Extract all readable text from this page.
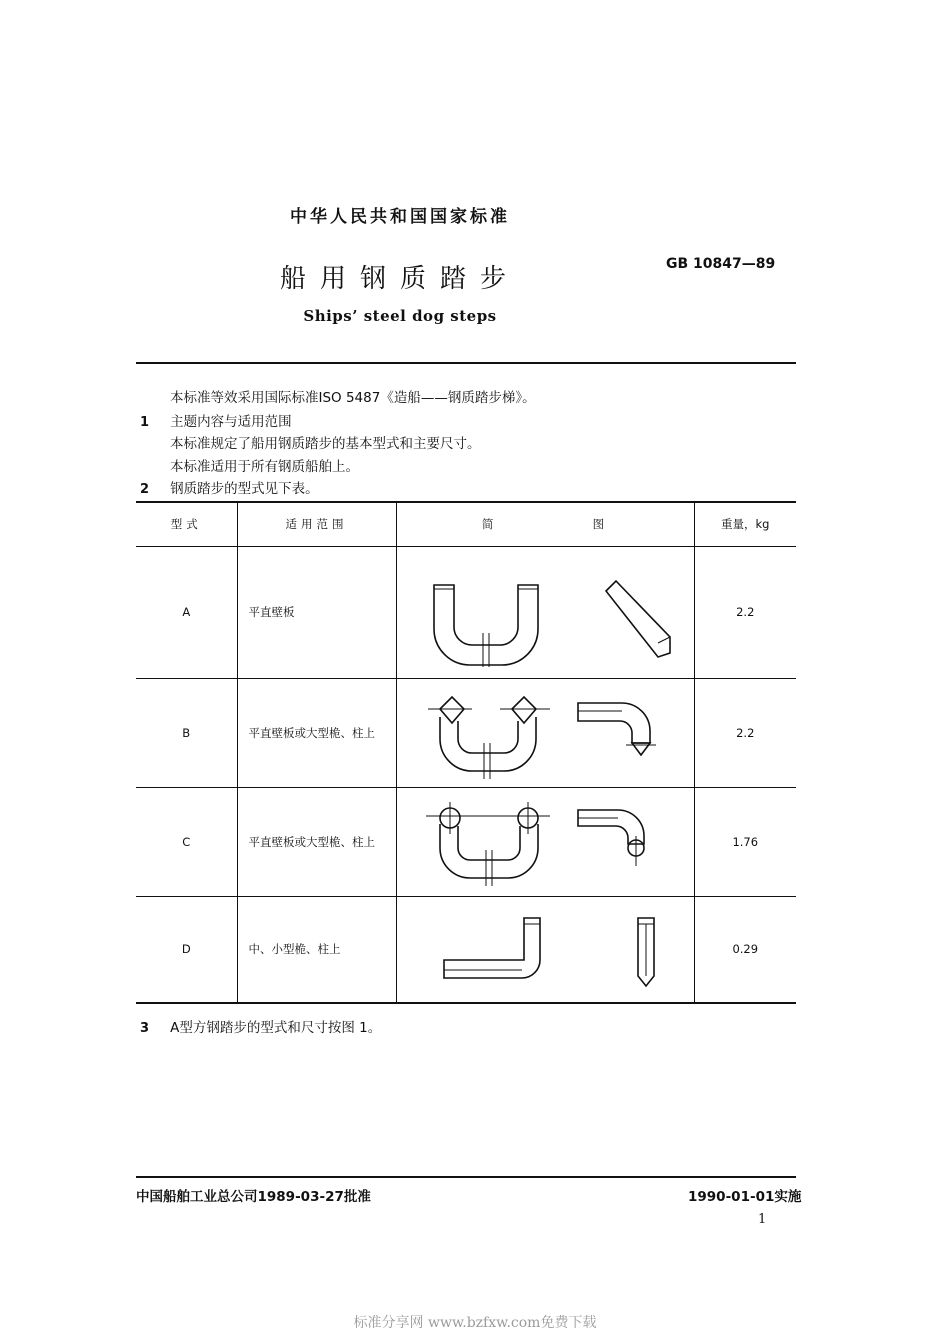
中华人民共和国国家标准
船用钢质踏步	GB 10847—89
Ships’ steel dog steps
本标准等效采用国际标准ISO 5487《造船——钢质踏步梯》。
1 主题内容与适用范围
本标准规定了船用钢质踏步的基本型式和主要尺寸。
本标准适用于所有钢质船舶上。
2 钢质踏步的型式见下表。
型式	适用范围	简 图	重量，kg
A	平直壁板		2.2
B	平直壁板或大型桅、柱上		2.2
C	平直壁板或大型桅、柱上		1.76
D	中、小型桅、柱上		0.29
3 A型方钢踏步的型式和尺寸按图 1。
中国船舶工业总公司1989-03-27批准	1990-01-01实施
1
标准分享网 www.bzfxw.com免费下载
